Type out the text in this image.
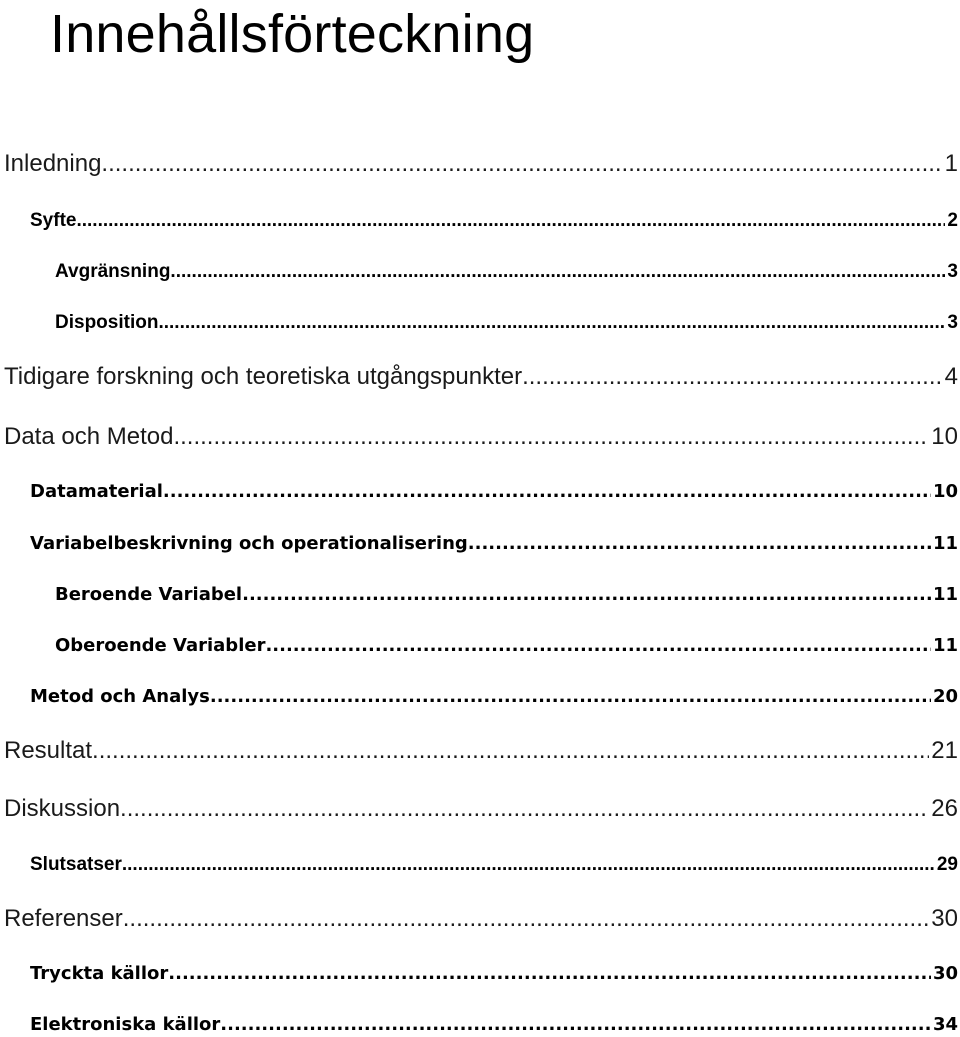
Innehållsförteckning
Inledning .....	1
Syfte .....	2
Avgränsning .....	3
Disposition .....	3
Tidigare forskning och teoretiska utgångspunkter .....	4
Data och Metod .....	10
Datamaterial .....	10
Variabelbeskrivning och operationalisering .....	11
Beroende Variabel .....	11
Oberoende Variabler .....	11
Metod och Analys .....	20
Resultat .....	21
Diskussion .....	26
Slutsatser .....	29
Referenser .....	30
Tryckta källor .....	30
Elektroniska källor .....	34
